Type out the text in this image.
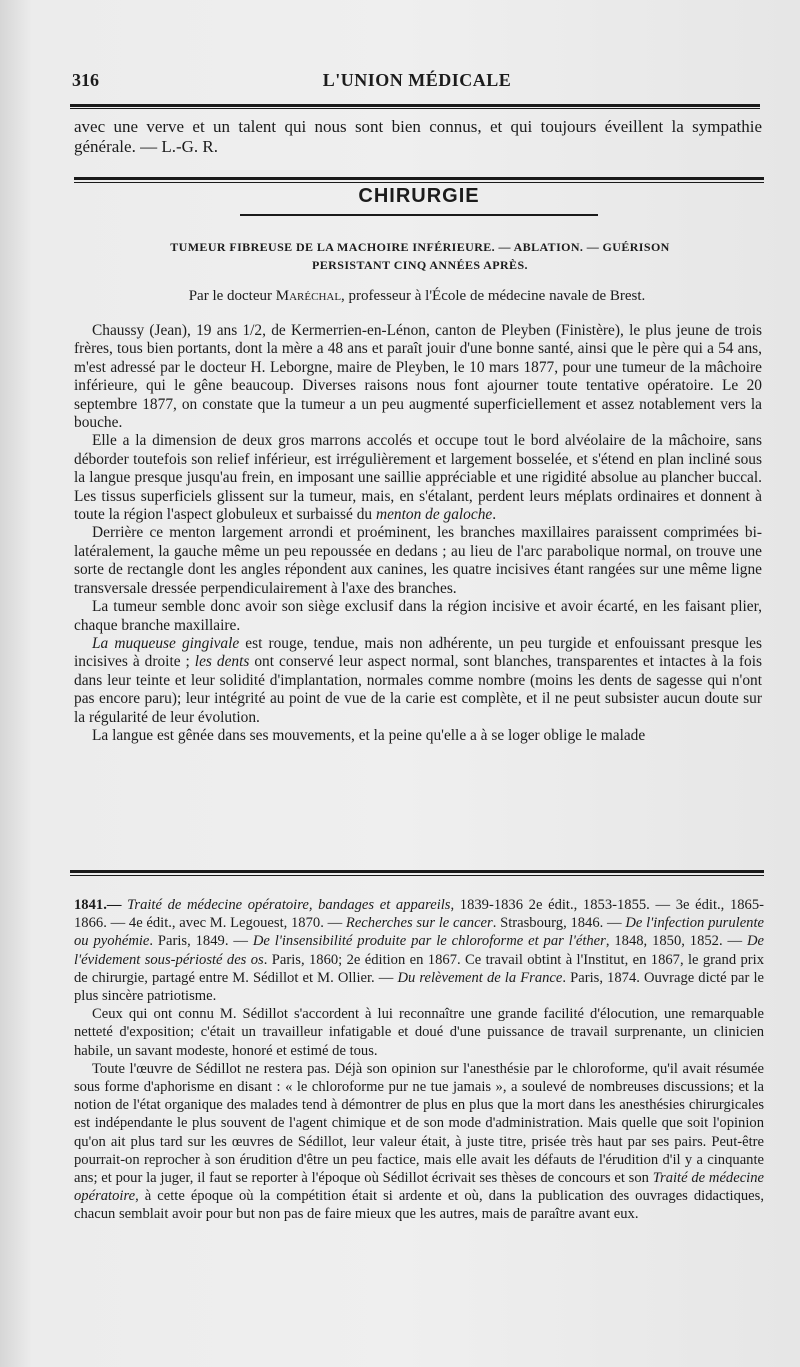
316	L'UNION MÉDICALE

avec une verve et un talent qui nous sont bien connus, et qui toujours éveillent la sympathie générale. — L.-G. R.

CHIRURGIE
TUMEUR FIBREUSE DE LA MACHOIRE INFÉRIEURE. — ABLATION. — GUÉRISON
PERSISTANT CINQ ANNÉES APRÈS.
Par le docteur Maréchal, professeur à l'École de médecine navale de Brest.

Chaussy (Jean), 19 ans 1/2, de Kermerrien-en-Lénon, canton de Pleyben (Finistère), le plus jeune de trois frères, tous bien portants, dont la mère a 48 ans et paraît jouir d'une bonne santé, ainsi que le père qui a 54 ans, m'est adressé par le docteur H. Leborgne, maire de Pleyben, le 10 mars 1877, pour une tumeur de la mâchoire inférieure, qui le gêne beaucoup. Diverses raisons nous font ajourner toute tentative opératoire. Le 20 septembre 1877, on constate que la tumeur a un peu augmenté superficiellement et assez notablement vers la bouche.

Elle a la dimension de deux gros marrons accolés et occupe tout le bord alvéolaire de la mâchoire, sans déborder toutefois son relief inférieur, est irrégulièrement et largement bosselée, et s'étend en plan incliné sous la langue presque jusqu'au frein, en imposant une saillie appréciable et une rigidité absolue au plancher buccal. Les tissus superficiels glissent sur la tumeur, mais, en s'étalant, perdent leurs méplats ordinaires et donnent à toute la région l'aspect globuleux et surbaissé du menton de galoche.

Derrière ce menton largement arrondi et proéminent, les branches maxillaires paraissent comprimées bi-latéralement, la gauche même un peu repoussée en dedans ; au lieu de l'arc parabolique normal, on trouve une sorte de rectangle dont les angles répondent aux canines, les quatre incisives étant rangées sur une même ligne transversale dressée perpendiculairement à l'axe des branches.

La tumeur semble donc avoir son siège exclusif dans la région incisive et avoir écarté, en les faisant plier, chaque branche maxillaire.

La muqueuse gingivale est rouge, tendue, mais non adhérente, un peu turgide et enfouissant presque les incisives à droite ; les dents ont conservé leur aspect normal, sont blanches, transparentes et intactes à la fois dans leur teinte et leur solidité d'implantation, normales comme nombre (moins les dents de sagesse qui n'ont pas encore paru); leur intégrité au point de vue de la carie est complète, et il ne peut subsister aucun doute sur la régularité de leur évolution.

La langue est gênée dans ses mouvements, et la peine qu'elle a à se loger oblige le malade

1841.— Traité de médecine opératoire, bandages et appareils, 1839-1836 2e édit., 1853-1855. — 3e édit., 1865-1866. — 4e édit., avec M. Legouest, 1870. — Recherches sur le cancer. Strasbourg, 1846. — De l'infection purulente ou pyohémie. Paris, 1849. — De l'insensibilité produite par le chloroforme et par l'éther, 1848, 1850, 1852. — De l'évidement sous-périosté des os. Paris, 1860; 2e édition en 1867. Ce travail obtint à l'Institut, en 1867, le grand prix de chirurgie, partagé entre M. Sédillot et M. Ollier. — Du relèvement de la France. Paris, 1874. Ouvrage dicté par le plus sincère patriotisme.

Ceux qui ont connu M. Sédillot s'accordent à lui reconnaître une grande facilité d'élocution, une remarquable netteté d'exposition; c'était un travailleur infatigable et doué d'une puissance de travail surprenante, un clinicien habile, un savant modeste, honoré et estimé de tous.

Toute l'œuvre de Sédillot ne restera pas. Déjà son opinion sur l'anesthésie par le chloroforme, qu'il avait résumée sous forme d'aphorisme en disant : « le chloroforme pur ne tue jamais », a soulevé de nombreuses discussions; et la notion de l'état organique des malades tend à démontrer de plus en plus que la mort dans les anesthésies chirurgicales est indépendante le plus souvent de l'agent chimique et de son mode d'administration. Mais quelle que soit l'opinion qu'on ait plus tard sur les œuvres de Sédillot, leur valeur était, à juste titre, prisée très haut par ses pairs. Peut-être pourrait-on reprocher à son érudition d'être un peu factice, mais elle avait les défauts de l'érudition d'il y a cinquante ans; et pour la juger, il faut se reporter à l'époque où Sédillot écrivait ses thèses de concours et son Traité de médecine opératoire, à cette époque où la compétition était si ardente et où, dans la publication des ouvrages didactiques, chacun semblait avoir pour but non pas de faire mieux que les autres, mais de paraître avant eux.
